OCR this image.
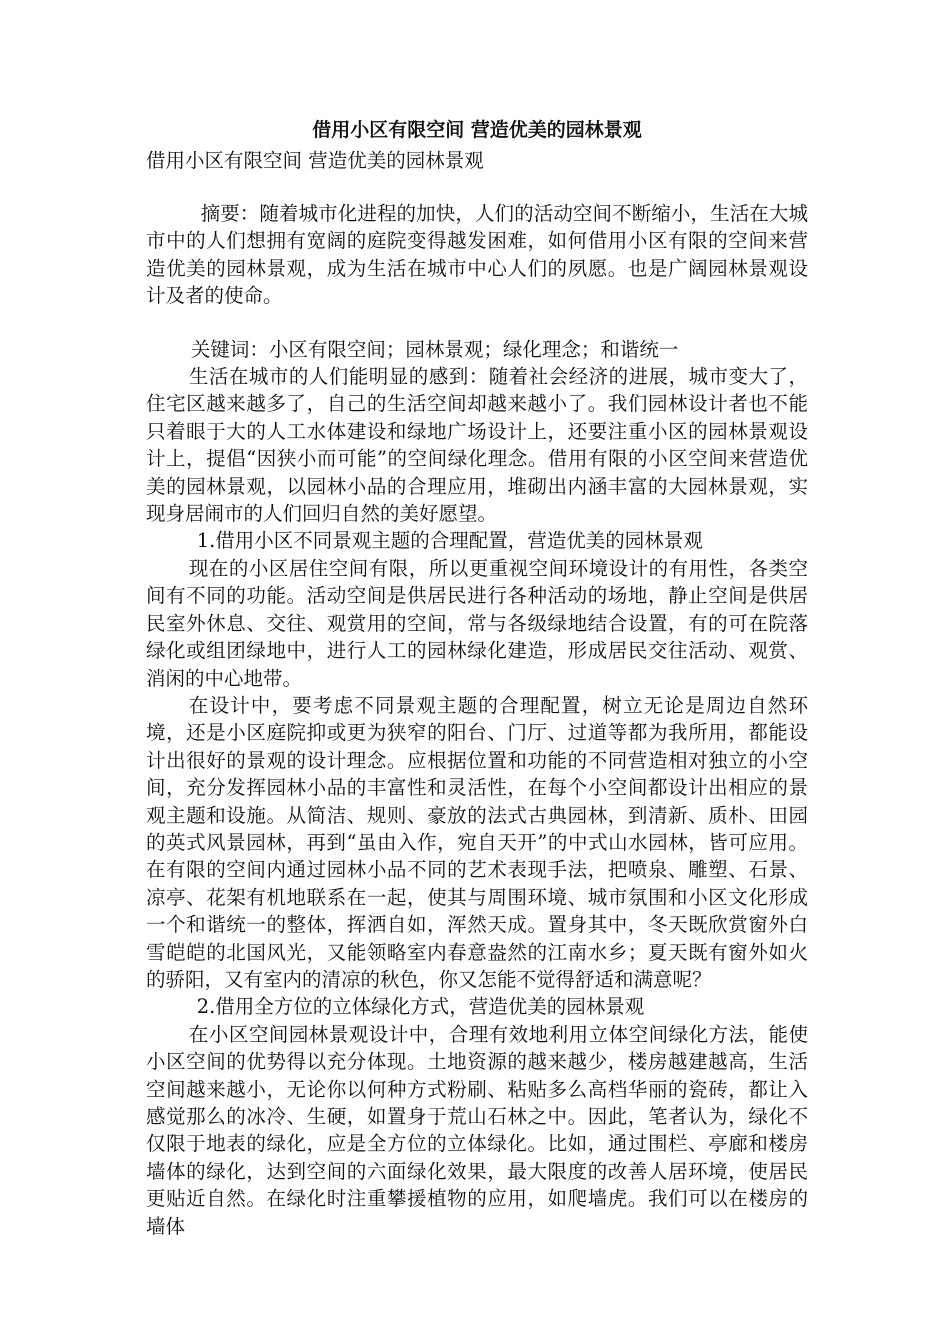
借用小区有限空间 营造优美的园林景观

借用小区有限空间 营造优美的园林景观

摘要：随着城市化进程的加快，人们的活动空间不断缩小，生活在大城市中的人们想拥有宽阔的庭院变得越发困难，如何借用小区有限的空间来营造优美的园林景观，成为生活在城市中心人们的夙愿。也是广阔园林景观设计及者的使命。

关键词：小区有限空间；园林景观；绿化理念；和谐统一

生活在城市的人们能明显的感到：随着社会经济的进展，城市变大了，住宅区越来越多了，自己的生活空间却越来越小了。我们园林设计者也不能只着眼于大的人工水体建设和绿地广场设计上，还要注重小区的园林景观设计上，提倡“因狭小而可能”的空间绿化理念。借用有限的小区空间来营造优美的园林景观，以园林小品的合理应用，堆砌出内涵丰富的大园林景观，实现身居闹市的人们回归自然的美好愿望。

1.借用小区不同景观主题的合理配置，营造优美的园林景观

现在的小区居住空间有限，所以更重视空间环境设计的有用性，各类空间有不同的功能。活动空间是供居民进行各种活动的场地，静止空间是供居民室外休息、交往、观赏用的空间，常与各级绿地结合设置，有的可在院落绿化或组团绿地中，进行人工的园林绿化建造，形成居民交往活动、观赏、消闲的中心地带。

在设计中，要考虑不同景观主题的合理配置，树立无论是周边自然环境，还是小区庭院抑或更为狭窄的阳台、门厅、过道等都为我所用，都能设计出很好的景观的设计理念。应根据位置和功能的不同营造相对独立的小空间，充分发挥园林小品的丰富性和灵活性，在每个小空间都设计出相应的景观主题和设施。从简洁、规则、豪放的法式古典园林，到清新、质朴、田园的英式风景园林，再到“虽由入作，宛自天开”的中式山水园林，皆可应用。在有限的空间内通过园林小品不同的艺术表现手法，把喷泉、雕塑、石景、凉亭、花架有机地联系在一起，使其与周围环境、城市氛围和小区文化形成一个和谐统一的整体，挥洒自如，浑然天成。置身其中，冬天既欣赏窗外白雪皑皑的北国风光，又能领略室内春意盎然的江南水乡；夏天既有窗外如火的骄阳，又有室内的清凉的秋色，你又怎能不觉得舒适和满意呢？

2.借用全方位的立体绿化方式，营造优美的园林景观

在小区空间园林景观设计中，合理有效地利用立体空间绿化方法，能使小区空间的优势得以充分体现。土地资源的越来越少，楼房越建越高，生活空间越来越小，无论你以何种方式粉刷、粘贴多么高档华丽的瓷砖，都让入感觉那么的冰冷、生硬，如置身于荒山石林之中。因此，笔者认为，绿化不仅限于地表的绿化，应是全方位的立体绿化。比如，通过围栏、亭廊和楼房墙体的绿化，达到空间的六面绿化效果，最大限度的改善人居环境，使居民更贴近自然。在绿化时注重攀援植物的应用，如爬墙虎。我们可以在楼房的墙体
